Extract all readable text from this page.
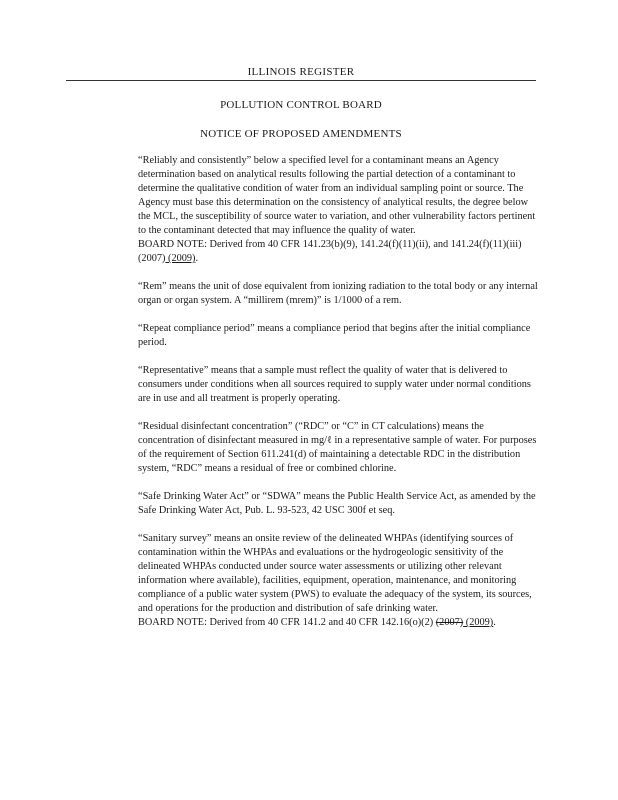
ILLINOIS REGISTER
POLLUTION CONTROL BOARD
NOTICE OF PROPOSED AMENDMENTS

“Reliably and consistently” below a specified level for a contaminant means an Agency determination based on analytical results following the partial detection of a contaminant to determine the qualitative condition of water from an individual sampling point or source. The Agency must base this determination on the consistency of analytical results, the degree below the MCL, the susceptibility of source water to variation, and other vulnerability factors pertinent to the contaminant detected that may influence the quality of water.
BOARD NOTE: Derived from 40 CFR 141.23(b)(9), 141.24(f)(11)(ii), and 141.24(f)(11)(iii) (2007) (2009).

“Rem” means the unit of dose equivalent from ionizing radiation to the total body or any internal organ or organ system. A “millirem (mrem)” is 1/1000 of a rem.

“Repeat compliance period” means a compliance period that begins after the initial compliance period.

“Representative” means that a sample must reflect the quality of water that is delivered to consumers under conditions when all sources required to supply water under normal conditions are in use and all treatment is properly operating.

“Residual disinfectant concentration” (“RDC” or “C” in CT calculations) means the concentration of disinfectant measured in mg/ℓ in a representative sample of water. For purposes of the requirement of Section 611.241(d) of maintaining a detectable RDC in the distribution system, “RDC” means a residual of free or combined chlorine.

“Safe Drinking Water Act” or “SDWA” means the Public Health Service Act, as amended by the Safe Drinking Water Act, Pub. L. 93-523, 42 USC 300f et seq.

“Sanitary survey” means an onsite review of the delineated WHPAs (identifying sources of contamination within the WHPAs and evaluations or the hydrogeologic sensitivity of the delineated WHPAs conducted under source water assessments or utilizing other relevant information where available), facilities, equipment, operation, maintenance, and monitoring compliance of a public water system (PWS) to evaluate the adequacy of the system, its sources, and operations for the production and distribution of safe drinking water.
BOARD NOTE: Derived from 40 CFR 141.2 and 40 CFR 142.16(o)(2) (2007) (2009).
